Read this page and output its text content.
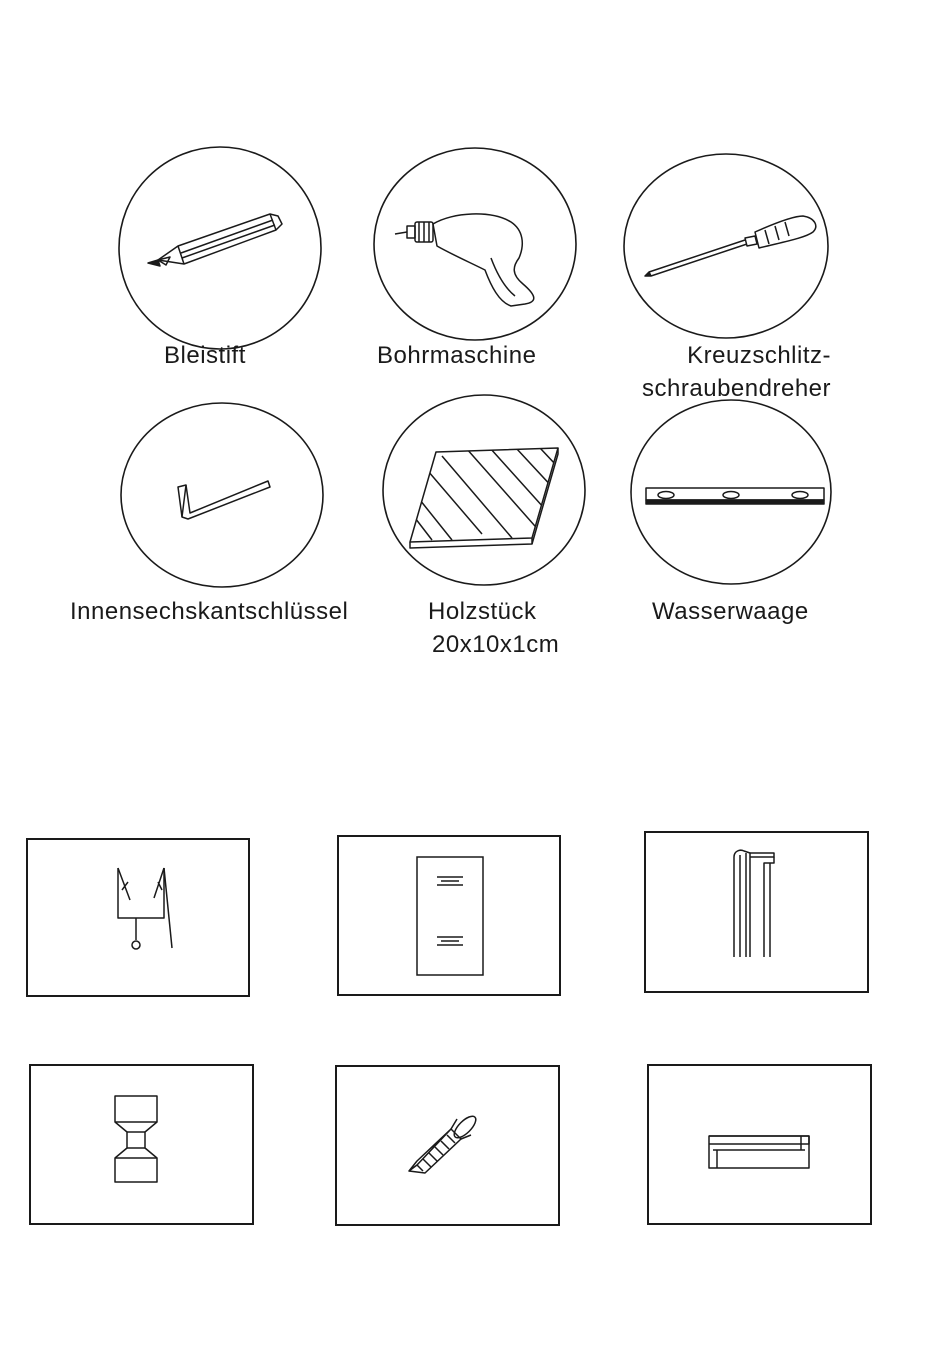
Bleistift	Bohrmaschine	Kreuzschlitz-
schraubendreher
Innensechskantschlüssel	Holzstück
20x10x1cm
Wasserwaage
